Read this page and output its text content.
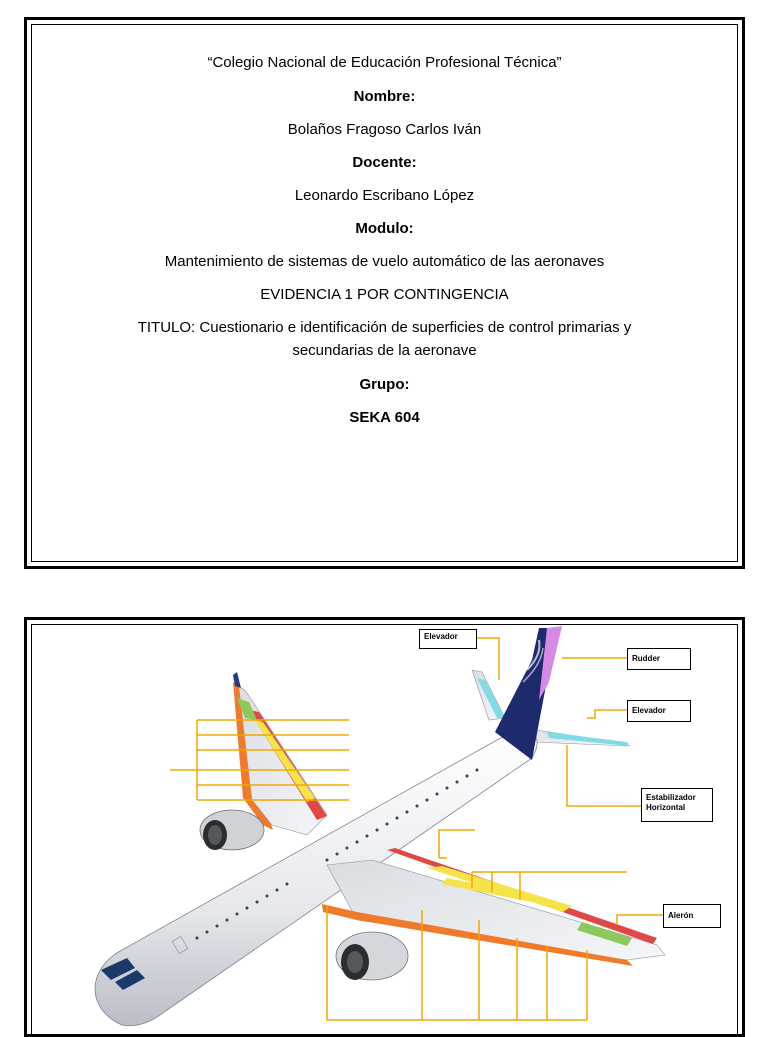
“Colegio Nacional de Educación Profesional Técnica”
Nombre:
Bolaños Fragoso Carlos Iván
Docente:
Leonardo Escribano López
Modulo:
Mantenimiento de sistemas de vuelo automático de las aeronaves
EVIDENCIA 1 POR CONTINGENCIA
TITULO: Cuestionario e identificación de superficies de control primarias y
secundarias de la aeronave
Grupo:
SEKA 604
Elevador
Rudder
Elevador
Estabilizador
Horizontal
Alerón
